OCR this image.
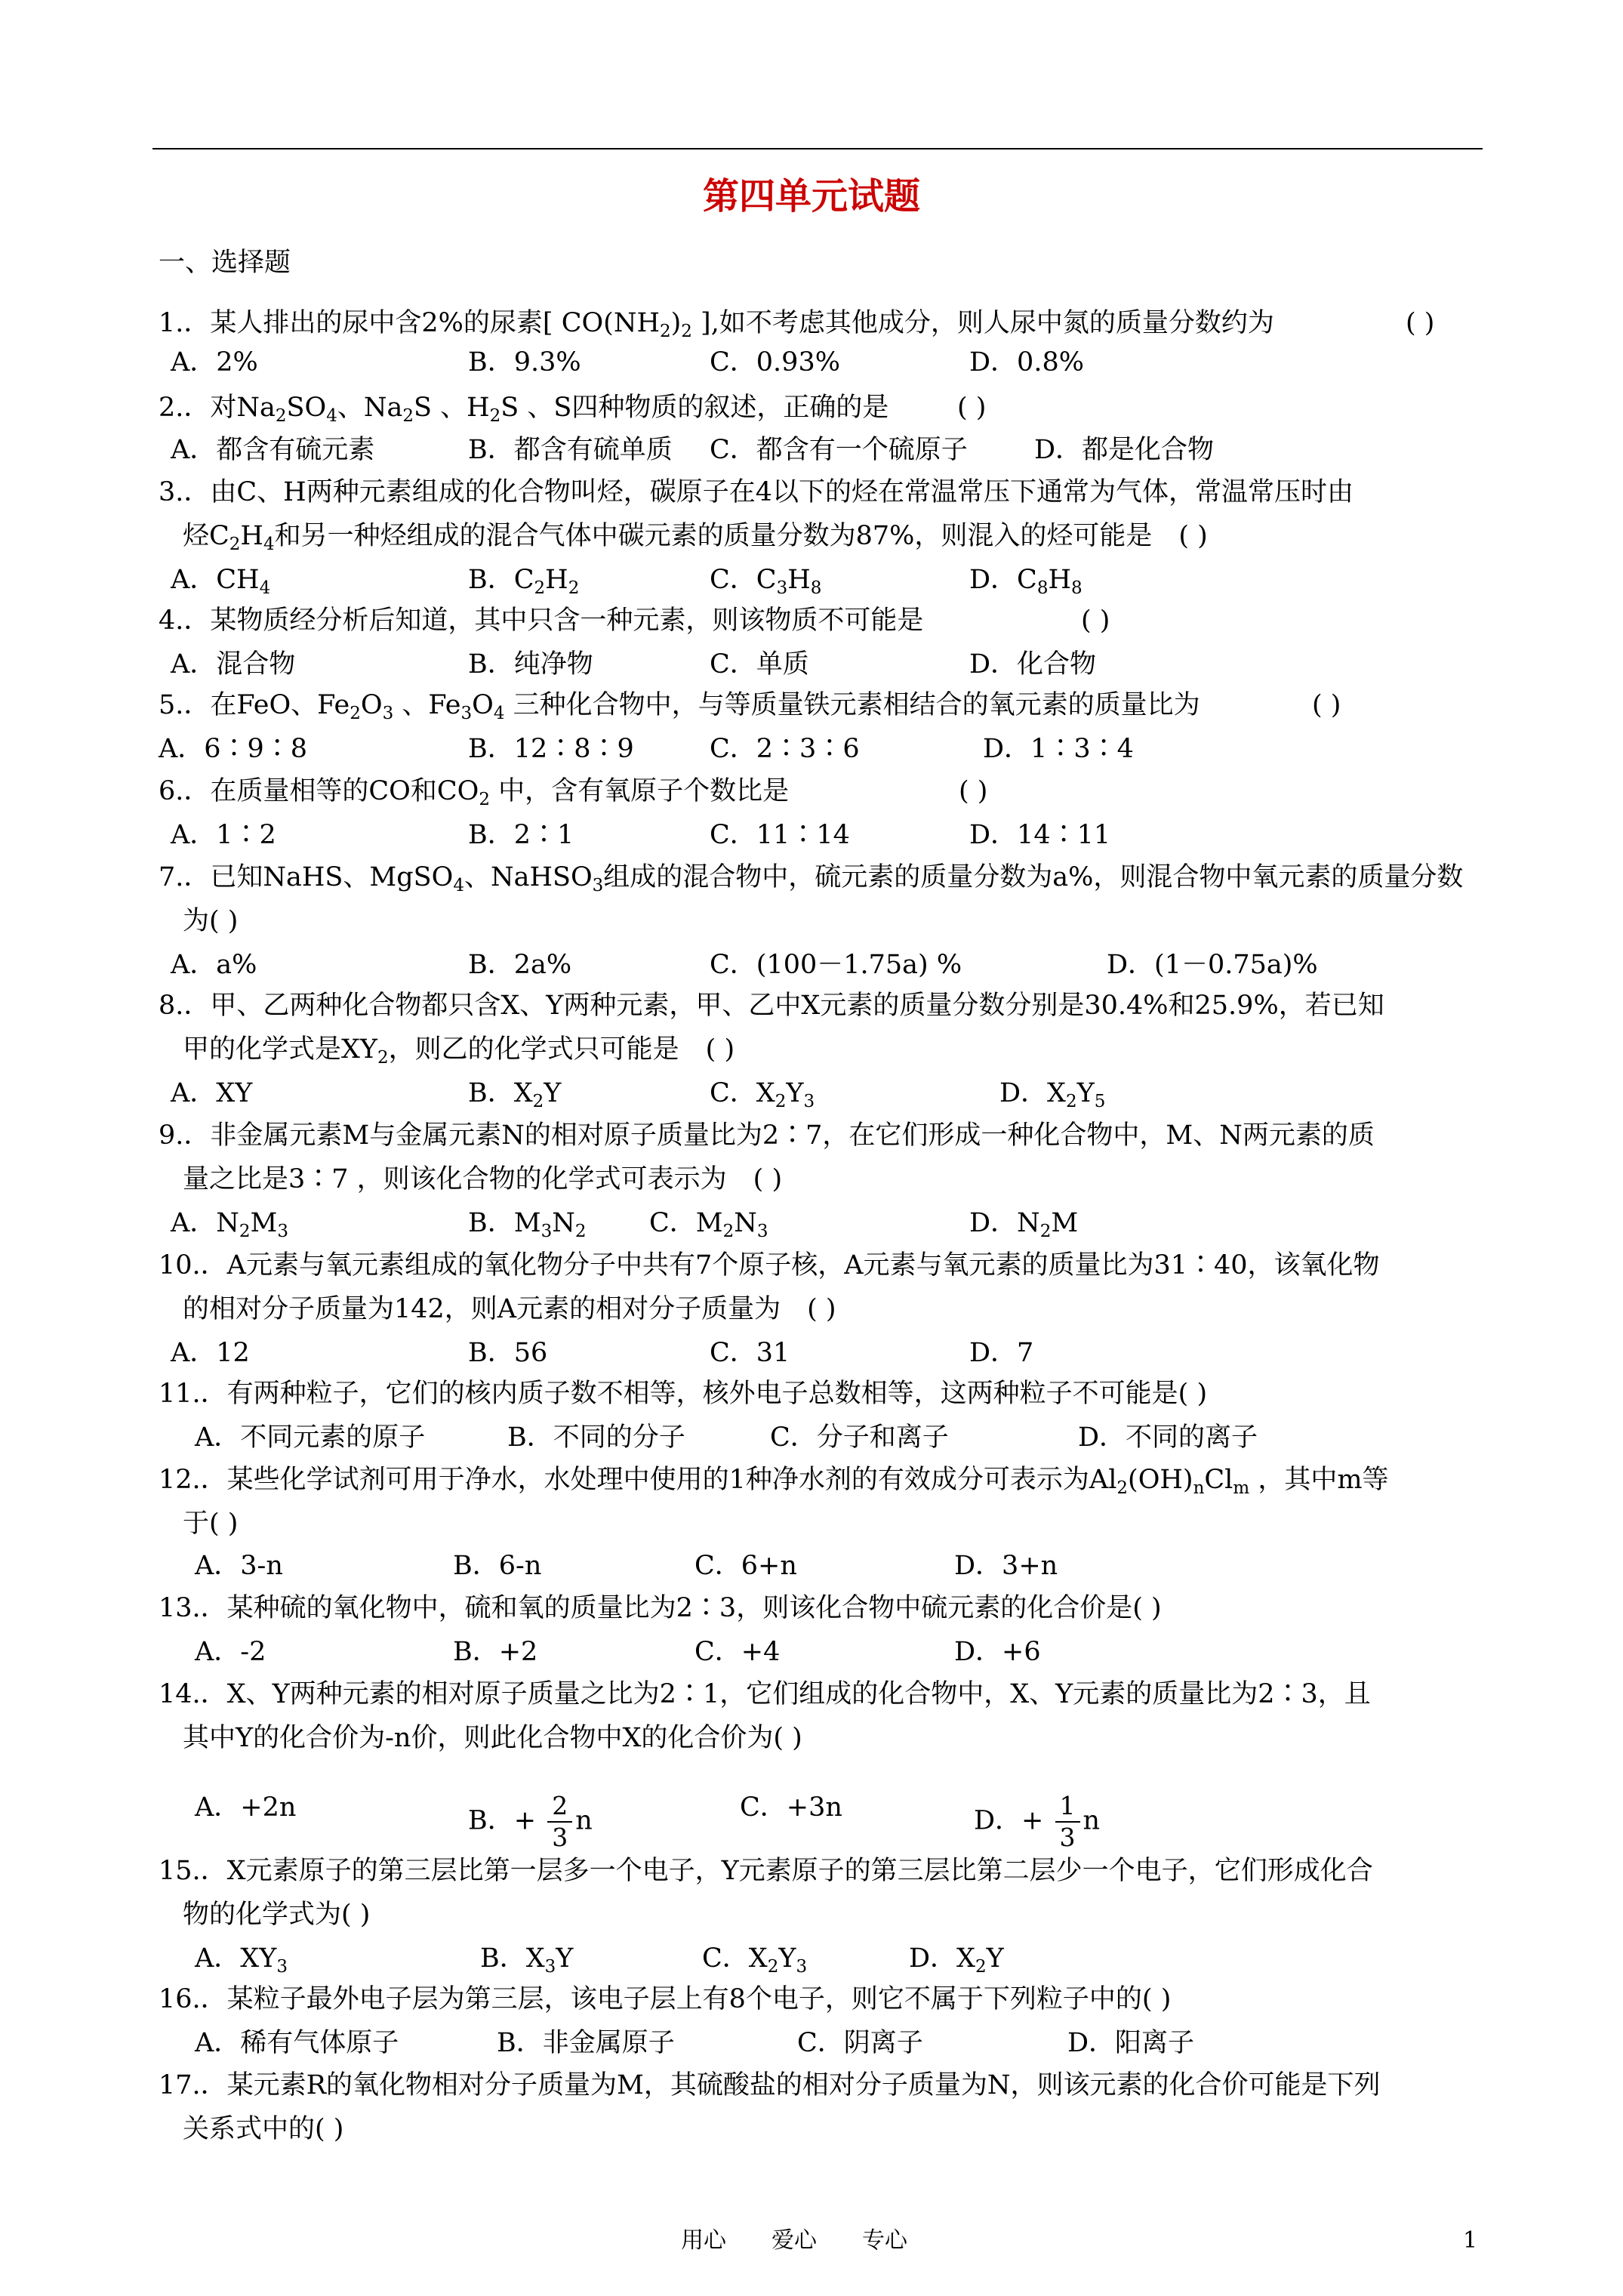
第四单元试题
一、选择题
1.．某人排出的尿中含2%的尿素[ $CO(NH_2)_2$ ],如不考虑其他成分，则人尿中氮的质量分数约为	( )
A．2%	B．9.3%	C．0.93%	D．0.8%
2.．对$Na_2SO_4$、$Na_2S$ 、$H_2S$ 、S四种物质的叙述，正确的是	( )
A．都含有硫元素	B．都含有硫单质 C．都含有一个硫原子	D．都是化合物
3.．由C、H两种元素组成的化合物叫烃，碳原子在4以下的烃在常温常压下通常为气体，常温常压时由
烃$C_2H_4$和另一种烃组成的混合气体中碳元素的质量分数为87%，则混入的烃可能是　( )
A．$CH_4$	B．$C_2H_2$	C．$C_3H_8$	D．$C_8H_8$
4.．某物质经分析后知道，其中只含一种元素，则该物质不可能是	( )
A．混合物	B．纯净物	C．单质	D．化合物
5.．在FeO、$Fe_2O_3$ 、$Fe_3O_4$ 三种化合物中，与等质量铁元素相结合的氧元素的质量比为	( )
A．6∶9∶8	B．12∶8∶9	C．2∶3∶6	D．1∶3∶4
6.．在质量相等的CO和$CO_2$ 中，含有氧原子个数比是	( )
A．1∶2	B．2∶1	C．11∶14	D．14∶11
7.．已知NaHS、MgSO$_4$、NaHSO$_3$组成的混合物中，硫元素的质量分数为a%，则混合物中氧元素的质量分数
为( )
A．a%	B．2a%	C．(100－1.75a) %	D．(1－0.75a)%
8.．甲、乙两种化合物都只含X、Y两种元素，甲、乙中X元素的质量分数分别是30.4%和25.9%，若已知
甲的化学式是$XY_2$，则乙的化学式只可能是　( )
A．XY	B．$X_2Y$	C．$X_2Y_3$	D．$X_2Y_5$
9.．非金属元素M与金属元素N的相对原子质量比为2∶7，在它们形成一种化合物中，M、N两元素的质
量之比是3∶7 ，则该化合物的化学式可表示为　( )
A．$N_2M_3$	B．$M_3N_2$ C．$M_2N_3$	D．$N_2M$
10.．A元素与氧元素组成的氧化物分子中共有7个原子核，A元素与氧元素的质量比为31∶40，该氧化物
的相对分子质量为142，则A元素的相对分子质量为　( )
A．12	B．56	C．31	D．7
11.．有两种粒子，它们的核内质子数不相等，核外电子总数相等，这两种粒子不可能是( )
A．不同元素的原子	B．不同的分子	C．分子和离子	D．不同的离子
12.．某些化学试剂可用于净水，水处理中使用的1种净水剂的有效成分可表示为$Al_2(OH)_nCl_m$ ，其中m等
于( )
A．3-n	B．6-n	C．6+n	D．3+n
13.．某种硫的氧化物中，硫和氧的质量比为2∶3，则该化合物中硫元素的化合价是( )
A．-2	B．+2	C．+4	D．+6
14.．X、Y两种元素的相对原子质量之比为2∶1，它们组成的化合物中，X、Y元素的质量比为2∶3，且
其中Y的化合价为-n价，则此化合物中X的化合价为( )
A．+2n	B．+ $\frac{2}{3}$ n	C．+3n	D．+ $\frac{1}{3}$ n
15.．X元素原子的第三层比第一层多一个电子，Y元素原子的第三层比第二层少一个电子，它们形成化合
物的化学式为( )
A．$XY_3$	B．$X_3Y$	C．$X_2Y_3$	D．$X_2Y$
16.．某粒子最外电子层为第三层，该电子层上有8个电子，则它不属于下列粒子中的( )
A．稀有气体原子	B．非金属原子	C．阴离子	D．阳离子
17.．某元素R的氧化物相对分子质量为M，其硫酸盐的相对分子质量为N，则该元素的化合价可能是下列
关系式中的( )
用心　　爱心　　专心	1
